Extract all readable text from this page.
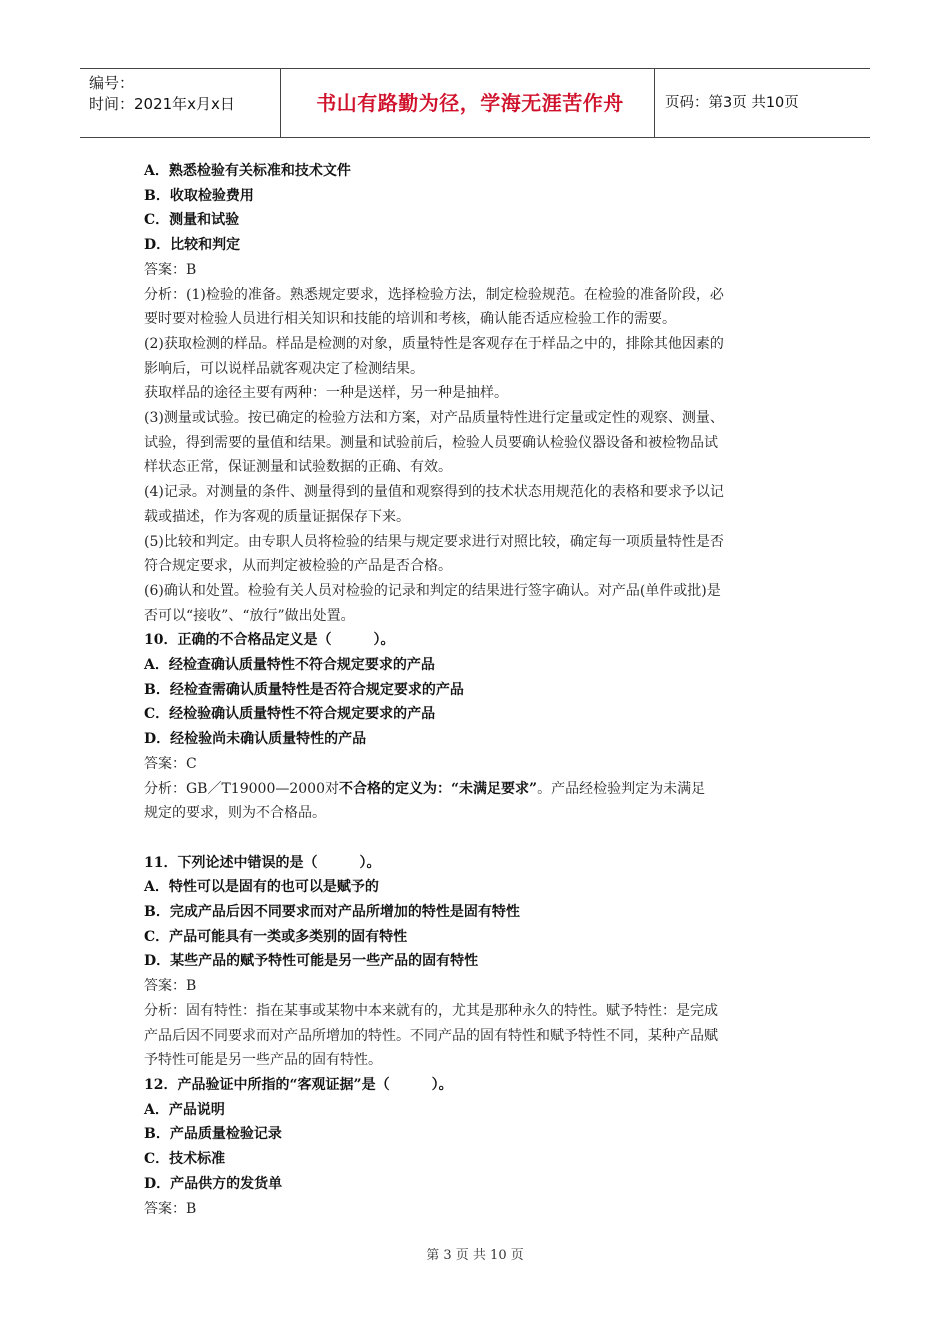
编号：
时间：2021年x月x日	书山有路勤为径，学海无涯苦作舟	页码：第3页 共10页
A．熟悉检验有关标准和技术文件
B．收取检验费用
C．测量和试验
D．比较和判定
答案：B
分析：(1)检验的准备。熟悉规定要求，选择检验方法，制定检验规范。在检验的准备阶段，必
要时要对检验人员进行相关知识和技能的培训和考核，确认能否适应检验工作的需要。
(2)获取检测的样品。样品是检测的对象，质量特性是客观存在于样品之中的，排除其他因素的
影响后，可以说样品就客观决定了检测结果。
获取样品的途径主要有两种：一种是送样，另一种是抽样。
(3)测量或试验。按已确定的检验方法和方案，对产品质量特性进行定量或定性的观察、测量、
试验，得到需要的量值和结果。测量和试验前后，检验人员要确认检验仪器设备和被检物品试
样状态正常，保证测量和试验数据的正确、有效。
(4)记录。对测量的条件、测量得到的量值和观察得到的技术状态用规范化的表格和要求予以记
载或描述，作为客观的质量证据保存下来。
(5)比较和判定。由专职人员将检验的结果与规定要求进行对照比较，确定每一项质量特性是否
符合规定要求，从而判定被检验的产品是否合格。
(6)确认和处置。检验有关人员对检验的记录和判定的结果进行签字确认。对产品(单件或批)是
否可以“接收”、“放行”做出处置。
10．正确的不合格品定义是（　　　）。
A．经检查确认质量特性不符合规定要求的产品
B．经检查需确认质量特性是否符合规定要求的产品
C．经检验确认质量特性不符合规定要求的产品
D．经检验尚未确认质量特性的产品
答案：C
分析：GB／T19000—2000对不合格的定义为：“未满足要求”。产品经检验判定为未满足
规定的要求，则为不合格品。
11．下列论述中错误的是（　　　）。
A．特性可以是固有的也可以是赋予的
B．完成产品后因不同要求而对产品所增加的特性是固有特性
C．产品可能具有一类或多类别的固有特性
D．某些产品的赋予特性可能是另一些产品的固有特性
答案：B
分析：固有特性：指在某事或某物中本来就有的，尤其是那种永久的特性。赋予特性：是完成
产品后因不同要求而对产品所增加的特性。不同产品的固有特性和赋予特性不同，某种产品赋
予特性可能是另一些产品的固有特性。
12．产品验证中所指的“客观证据”是（　　　）。
A．产品说明
B．产品质量检验记录
C．技术标准
D．产品供方的发货单
答案：B
第 3 页 共 10 页
